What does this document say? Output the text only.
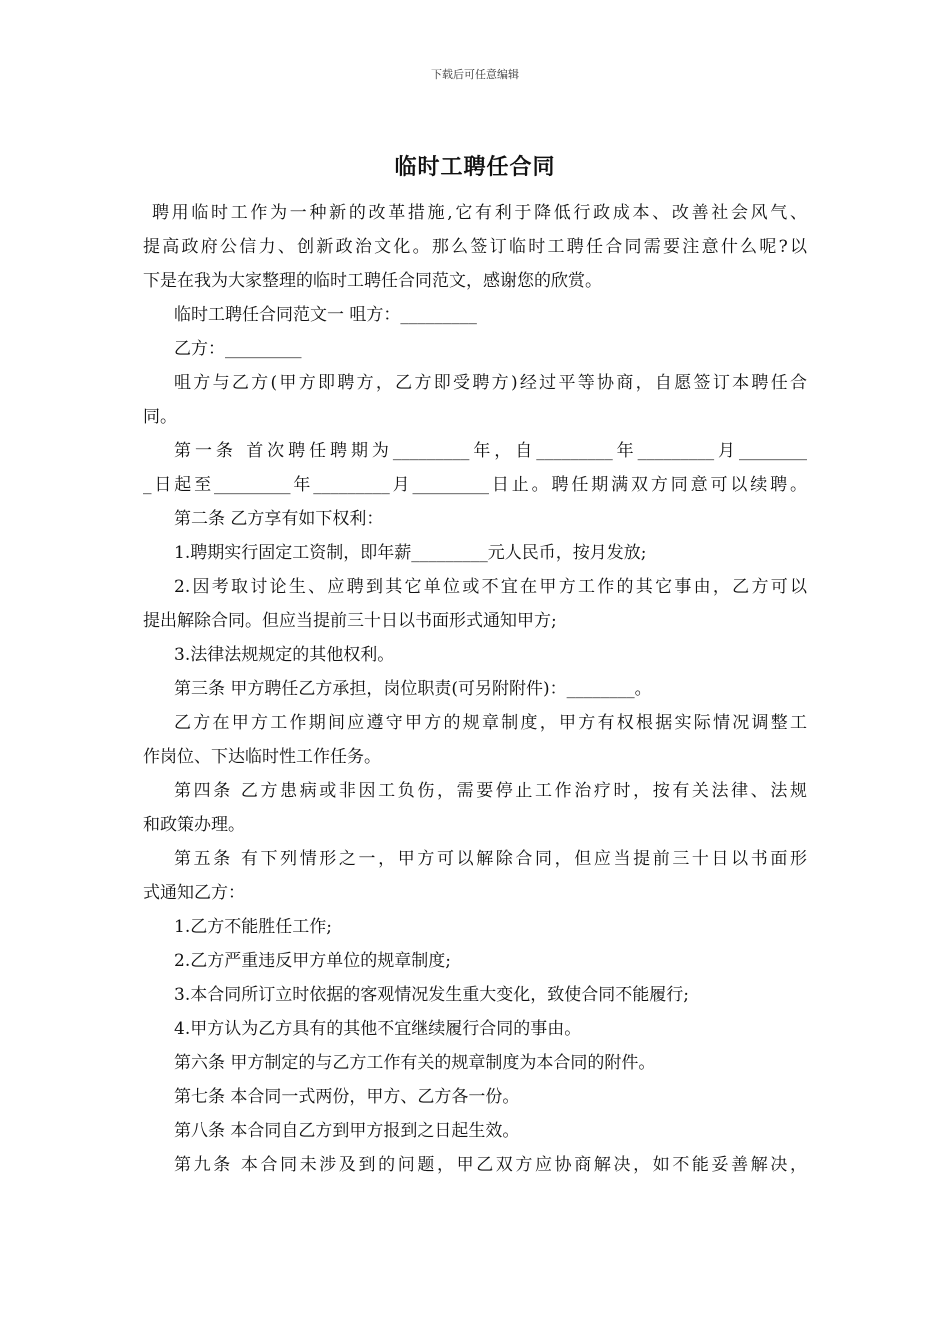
下载后可任意编辑
临时工聘任合同
聘用临时工作为一种新的改革措施,它有利于降低行政成本、改善社会风气、
提高政府公信力、创新政治文化。那么签订临时工聘任合同需要注意什么呢?以
下是在我为大家整理的临时工聘任合同范文，感谢您的欣赏。
临时工聘任合同范文一 咀方：_________
乙方：_________
咀方与乙方(甲方即聘方，乙方即受聘方)经过平等协商，自愿签订本聘任合
同。
第一条 首次聘任聘期为_________年，自_________年_________月________
_日起至_________年_________月_________日止。聘任期满双方同意可以续聘。
第二条 乙方享有如下权利：
1.聘期实行固定工资制，即年薪_________元人民币，按月发放;
2.因考取讨论生、应聘到其它单位或不宜在甲方工作的其它事由，乙方可以
提出解除合同。但应当提前三十日以书面形式通知甲方;
3.法律法规规定的其他权利。
第三条 甲方聘任乙方承担，岗位职责(可另附附件)：________。
乙方在甲方工作期间应遵守甲方的规章制度，甲方有权根据实际情况调整工
作岗位、下达临时性工作任务。
第四条 乙方患病或非因工负伤，需要停止工作治疗时，按有关法律、法规
和政策办理。
第五条 有下列情形之一，甲方可以解除合同，但应当提前三十日以书面形
式通知乙方：
1.乙方不能胜任工作;
2.乙方严重违反甲方单位的规章制度;
3.本合同所订立时依据的客观情况发生重大变化，致使合同不能履行;
4.甲方认为乙方具有的其他不宜继续履行合同的事由。
第六条 甲方制定的与乙方工作有关的规章制度为本合同的附件。
第七条 本合同一式两份，甲方、乙方各一份。
第八条 本合同自乙方到甲方报到之日起生效。
第九条 本合同未涉及到的问题，甲乙双方应协商解决，如不能妥善解决，
